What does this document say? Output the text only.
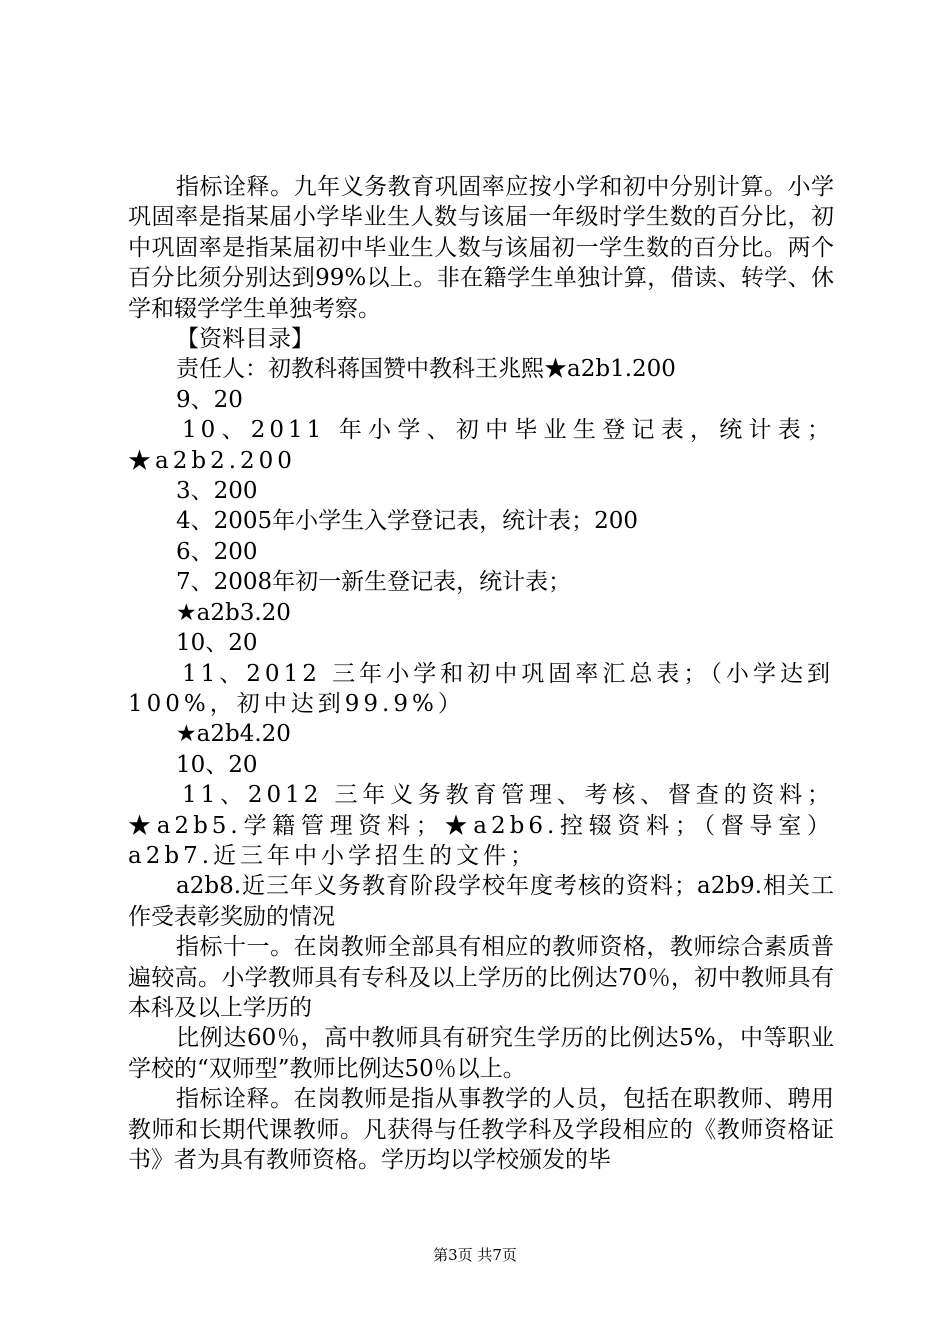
指标诠释。九年义务教育巩固率应按小学和初中分别计算。小学巩固率是指某届小学毕业生人数与该届一年级时学生数的百分比，初中巩固率是指某届初中毕业生人数与该届初一学生数的百分比。两个百分比须分别达到99%以上。非在籍学生单独计算，借读、转学、休学和辍学学生单独考察。

【资料目录】

责任人：初教科蒋国赞中教科王兆熙★a2b1.200

9、20

10、2011 年小学、初中毕业生登记表，统计表；★a2b2.200

3、200

4、2005年小学生入学登记表，统计表；200

6、200

7、2008年初一新生登记表，统计表；

★a2b3.20

10、20

11、2012 三年小学和初中巩固率汇总表；（小学达到100%，初中达到99.9%）

★a2b4.20

10、20

11、2012 三年义务教育管理、考核、督查的资料；★a2b5.学籍管理资料；★a2b6.控辍资料；（督导室）a2b7.近三年中小学招生的文件；

a2b8.近三年义务教育阶段学校年度考核的资料；a2b9.相关工作受表彰奖励的情况

指标十一。在岗教师全部具有相应的教师资格，教师综合素质普遍较高。小学教师具有专科及以上学历的比例达70％，初中教师具有本科及以上学历的

比例达60％，高中教师具有研究生学历的比例达5%，中等职业学校的“双师型”教师比例达50％以上。

指标诠释。在岗教师是指从事教学的人员，包括在职教师、聘用教师和长期代课教师。凡获得与任教学科及学段相应的《教师资格证书》者为具有教师资格。学历均以学校颁发的毕

第3页 共7页
